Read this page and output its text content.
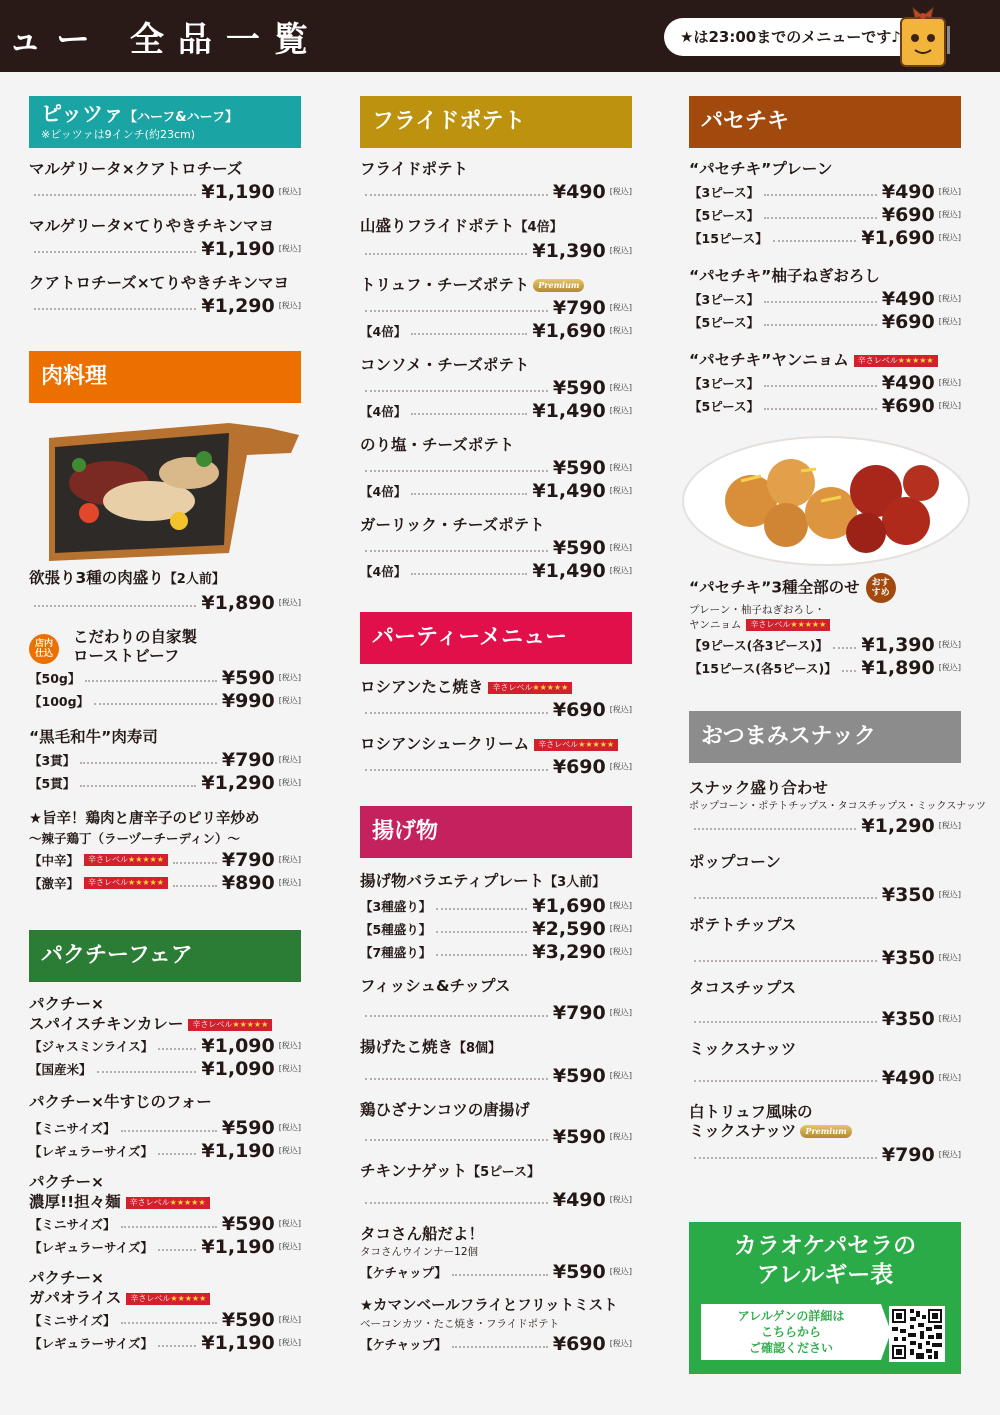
ュー 全品一覧	★は23:00までのメニューです♪
ピッツァ【ハーフ&ハーフ】
※ピッツァは9インチ(約23cm)
マルゲリータ×クアトロチーズ
¥1,190 [税込]
マルゲリータ×てりやきチキンマヨ
¥1,190 [税込]
クアトロチーズ×てりやきチキンマヨ
¥1,290 [税込]
肉料理
欲張り3種の肉盛り【2人前】
¥1,890 [税込]
店内
仕込
こだわりの自家製
ローストビーフ
【50g】	¥590 [税込]
【100g】	¥990 [税込]
“黒毛和牛”肉寿司
【3貫】	¥790 [税込]
【5貫】	¥1,290 [税込]
★旨辛！鶏肉と唐辛子のピリ辛炒め
～辣子鶏丁（ラーヅーチーディン）～
【中辛】	辛さレベル★★★★★	¥790 [税込]
【激辛】	辛さレベル★★★★★	¥890 [税込]
パクチーフェア
パクチー×
スパイスチキンカレー 辛さレベル★★★★★
【ジャスミンライス】	¥1,090 [税込]
【国産米】	¥1,090 [税込]
パクチー×牛すじのフォー
【ミニサイズ】	¥590 [税込]
【レギュラーサイズ】	¥1,190 [税込]
パクチー×
濃厚!!担々麺 辛さレベル★★★★★
【ミニサイズ】	¥590 [税込]
【レギュラーサイズ】	¥1,190 [税込]
パクチー×
ガパオライス 辛さレベル★★★★★
【ミニサイズ】	¥590 [税込]
【レギュラーサイズ】	¥1,190 [税込]
フライドポテト
フライドポテト
¥490 [税込]
山盛りフライドポテト【4倍】
¥1,390 [税込]
トリュフ・チーズポテト Premium
¥790 [税込]
【4倍】	¥1,690 [税込]
コンソメ・チーズポテト
¥590 [税込]
【4倍】	¥1,490 [税込]
のり塩・チーズポテト
¥590 [税込]
【4倍】	¥1,490 [税込]
ガーリック・チーズポテト
¥590 [税込]
【4倍】	¥1,490 [税込]
パーティーメニュー
ロシアンたこ焼き 辛さレベル★★★★★
¥690 [税込]
ロシアンシュークリーム 辛さレベル★★★★★
¥690 [税込]
揚げ物
揚げ物バラエティプレート【3人前】
【3種盛り】	¥1,690 [税込]
【5種盛り】	¥2,590 [税込]
【7種盛り】	¥3,290 [税込]
フィッシュ&チップス
¥790 [税込]
揚げたこ焼き【8個】
¥590 [税込]
鶏ひざナンコツの唐揚げ
¥590 [税込]
チキンナゲット【5ピース】
¥490 [税込]
タコさん船だよ！
タコさんウインナー12個
【ケチャップ】	¥590 [税込]
★カマンベールフライとフリットミスト
ベーコンカツ・たこ焼き・フライドポテト
【ケチャップ】	¥690 [税込]
パセチキ
“パセチキ”プレーン
【3ピース】	¥490 [税込]
【5ピース】	¥690 [税込]
【15ピース】	¥1,690 [税込]
“パセチキ”柚子ねぎおろし
【3ピース】	¥490 [税込]
【5ピース】	¥690 [税込]
“パセチキ”ヤンニョム 辛さレベル★★★★★
【3ピース】	¥490 [税込]
【5ピース】	¥690 [税込]
“パセチキ”3種全部のせ おす
すめ
プレーン・柚子ねぎおろし・
ヤンニョム 辛さレベル★★★★★
【9ピース(各3ピース)】 ¥1,390 [税込]
【15ピース(各5ピース)】 ¥1,890 [税込]
おつまみスナック
スナック盛り合わせ
ポップコーン・ポテトチップス・タコスチップス・ミックスナッツ
¥1,290 [税込]
ポップコーン
¥350 [税込]
ポテトチップス
¥350 [税込]
タコスチップス
¥350 [税込]
ミックスナッツ
¥490 [税込]
白トリュフ風味の
ミックスナッツ Premium
¥790 [税込]
カラオケパセラの
アレルギー表
アレルゲンの詳細は
こちらから
ご確認ください
